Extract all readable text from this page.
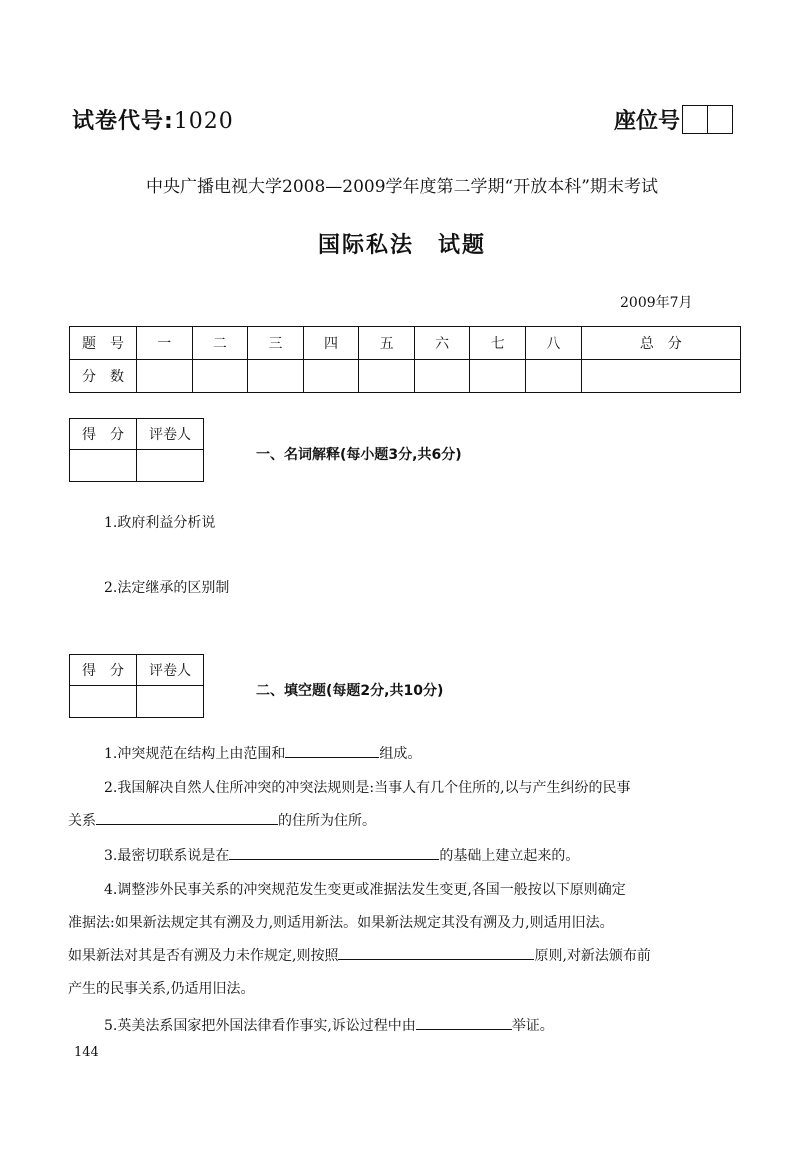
试卷代号:1020	座位号
中央广播电视大学2008—2009学年度第二学期“开放本科”期末考试
国际私法　试题
2009年7月
题　号	一	二	三	四	五	六	七	八	总　分
分　数									
得　分	评卷人

一、名词解释(每小题3分,共6分)
1.政府利益分析说
2.法定继承的区别制
得　分	评卷人

二、填空题(每题2分,共10分)
1.冲突规范在结构上由范围和	组成。
2.我国解决自然人住所冲突的冲突法规则是:当事人有几个住所的,以与产生纠纷的民事
关系	的住所为住所。
3.最密切联系说是在	的基础上建立起来的。
4.调整涉外民事关系的冲突规范发生变更或准据法发生变更,各国一般按以下原则确定
准据法:如果新法规定其有溯及力,则适用新法。如果新法规定其没有溯及力,则适用旧法。
如果新法对其是否有溯及力未作规定,则按照	原则,对新法颁布前
产生的民事关系,仍适用旧法。
5.英美法系国家把外国法律看作事实,诉讼过程中由	举证。
144
